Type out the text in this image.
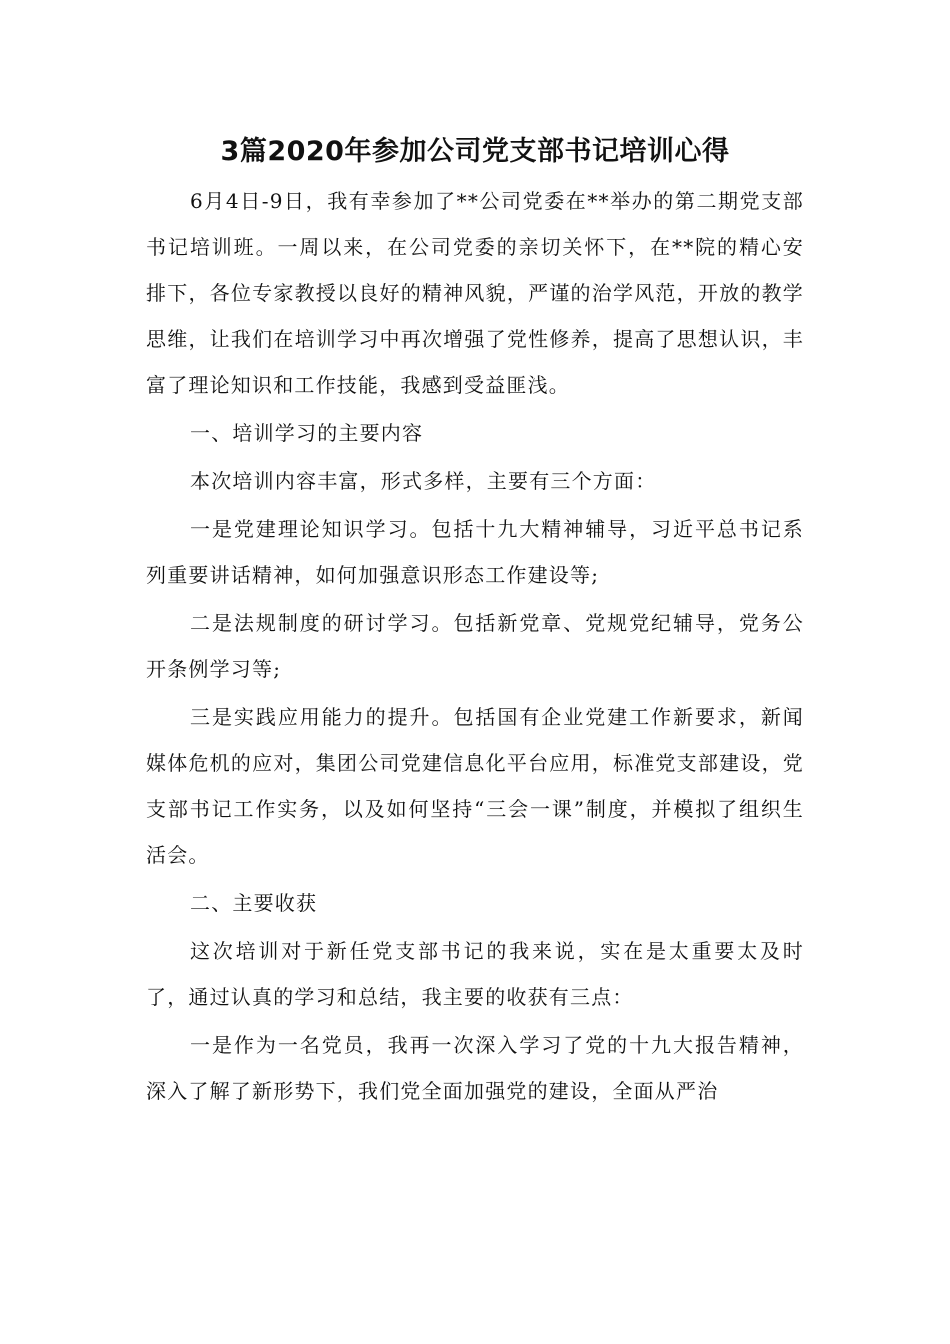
3篇2020年参加公司党支部书记培训心得

6月4日-9日，我有幸参加了**公司党委在**举办的第二期党支部书记培训班。一周以来，在公司党委的亲切关怀下，在**院的精心安排下，各位专家教授以良好的精神风貌，严谨的治学风范，开放的教学思维，让我们在培训学习中再次增强了党性修养，提高了思想认识，丰富了理论知识和工作技能，我感到受益匪浅。

一、培训学习的主要内容

本次培训内容丰富，形式多样，主要有三个方面：

一是党建理论知识学习。包括十九大精神辅导，习近平总书记系列重要讲话精神，如何加强意识形态工作建设等;

二是法规制度的研讨学习。包括新党章、党规党纪辅导，党务公开条例学习等;

三是实践应用能力的提升。包括国有企业党建工作新要求，新闻媒体危机的应对，集团公司党建信息化平台应用，标准党支部建设，党支部书记工作实务，以及如何坚持“三会一课”制度，并模拟了组织生活会。

二、主要收获

这次培训对于新任党支部书记的我来说，实在是太重要太及时了，通过认真的学习和总结，我主要的收获有三点：

一是作为一名党员，我再一次深入学习了党的十九大报告精神，深入了解了新形势下，我们党全面加强党的建设，全面从严治
